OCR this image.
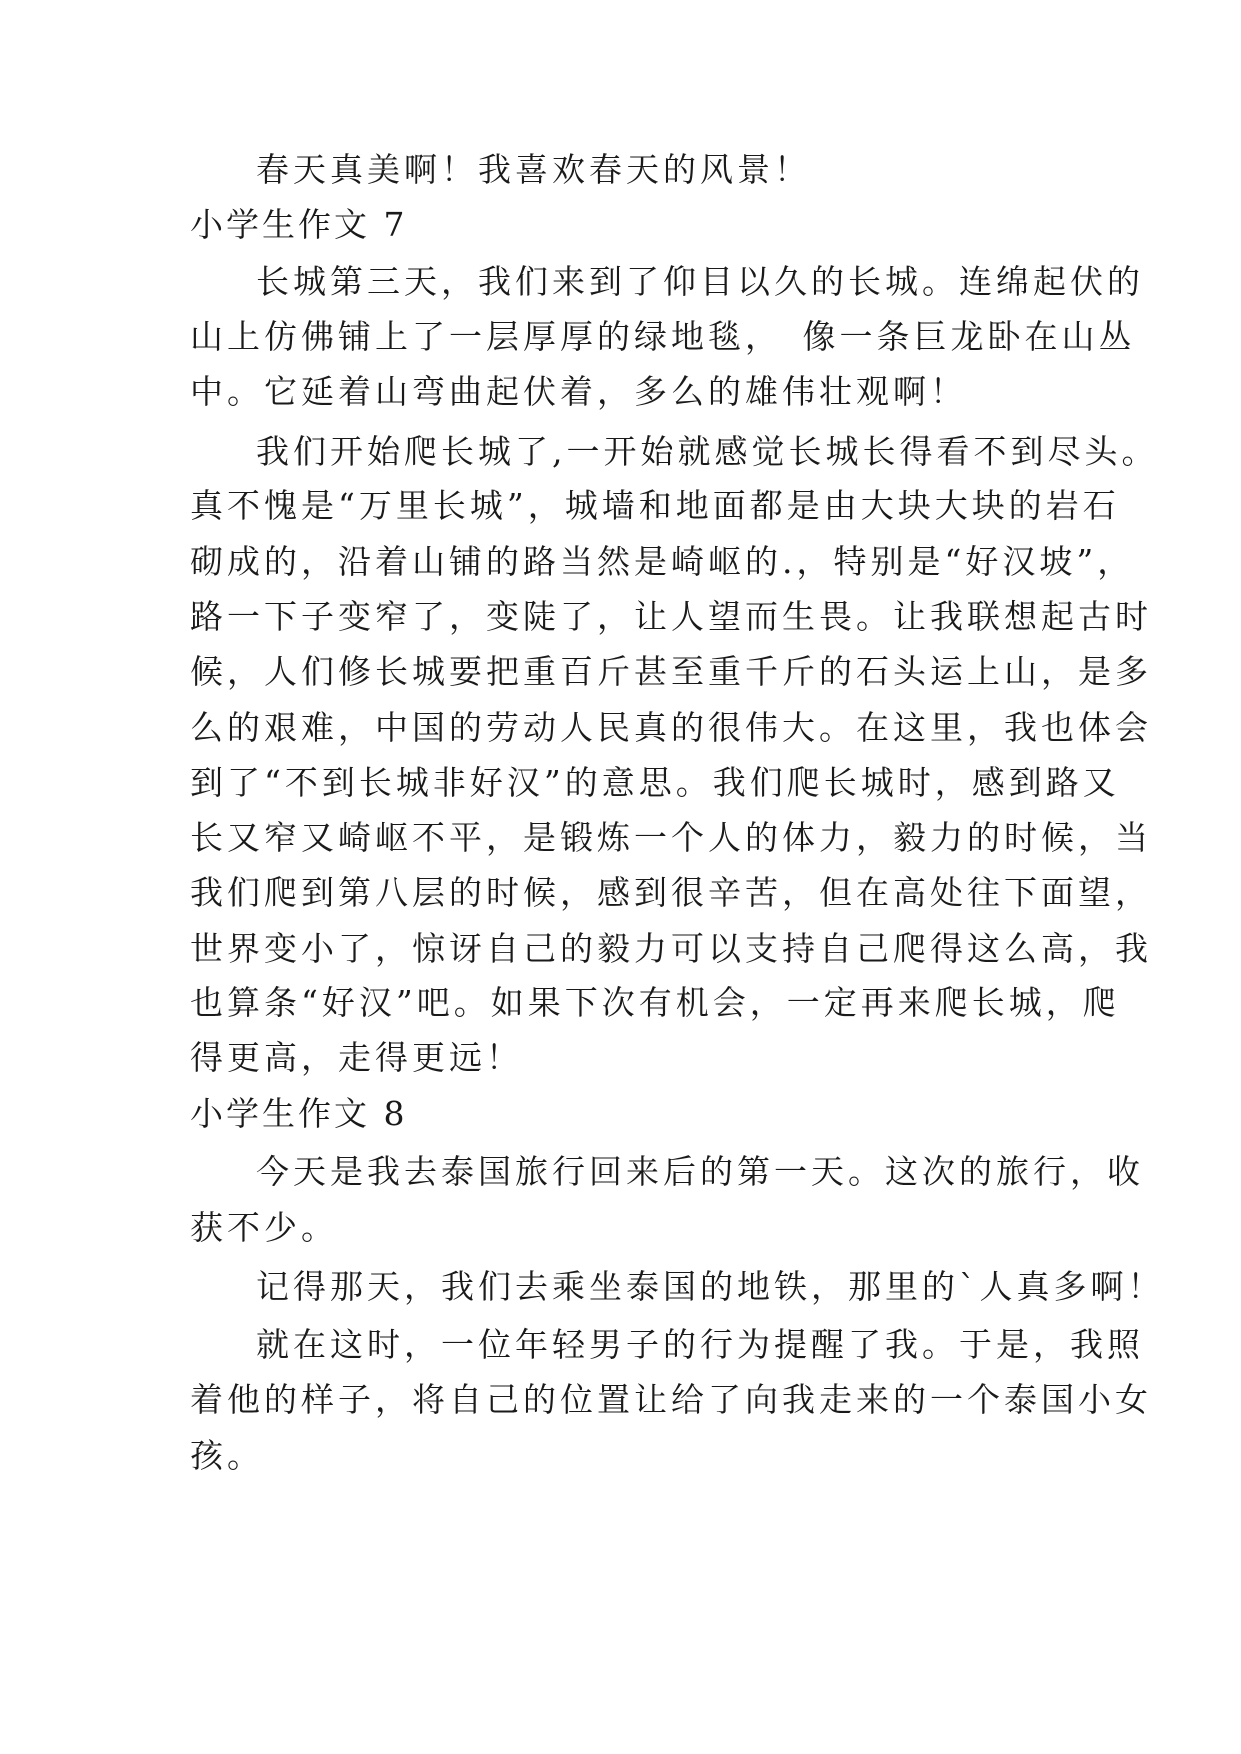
春天真美啊！我喜欢春天的风景！
小学生作文 7
长城第三天，我们来到了仰目以久的长城。连绵起伏的
山上仿佛铺上了一层厚厚的绿地毯，　像一条巨龙卧在山丛
中。它延着山弯曲起伏着，多么的雄伟壮观啊！
我们开始爬长城了,一开始就感觉长城长得看不到尽头。
真不愧是“万里长城”，城墙和地面都是由大块大块的岩石
砌成的，沿着山铺的路当然是崎岖的.，特别是“好汉坡”，
路一下子变窄了，变陡了，让人望而生畏。让我联想起古时
候，人们修长城要把重百斤甚至重千斤的石头运上山，是多
么的艰难，中国的劳动人民真的很伟大。在这里，我也体会
到了“不到长城非好汉”的意思。我们爬长城时，感到路又
长又窄又崎岖不平，是锻炼一个人的体力，毅力的时候，当
我们爬到第八层的时候，感到很辛苦，但在高处往下面望，
世界变小了，惊讶自己的毅力可以支持自己爬得这么高，我
也算条“好汉”吧。如果下次有机会，一定再来爬长城，爬
得更高，走得更远！
小学生作文 8
今天是我去泰国旅行回来后的第一天。这次的旅行，收
获不少。
记得那天，我们去乘坐泰国的地铁，那里的`人真多啊！
就在这时，一位年轻男子的行为提醒了我。于是，我照
着他的样子，将自己的位置让给了向我走来的一个泰国小女
孩。
